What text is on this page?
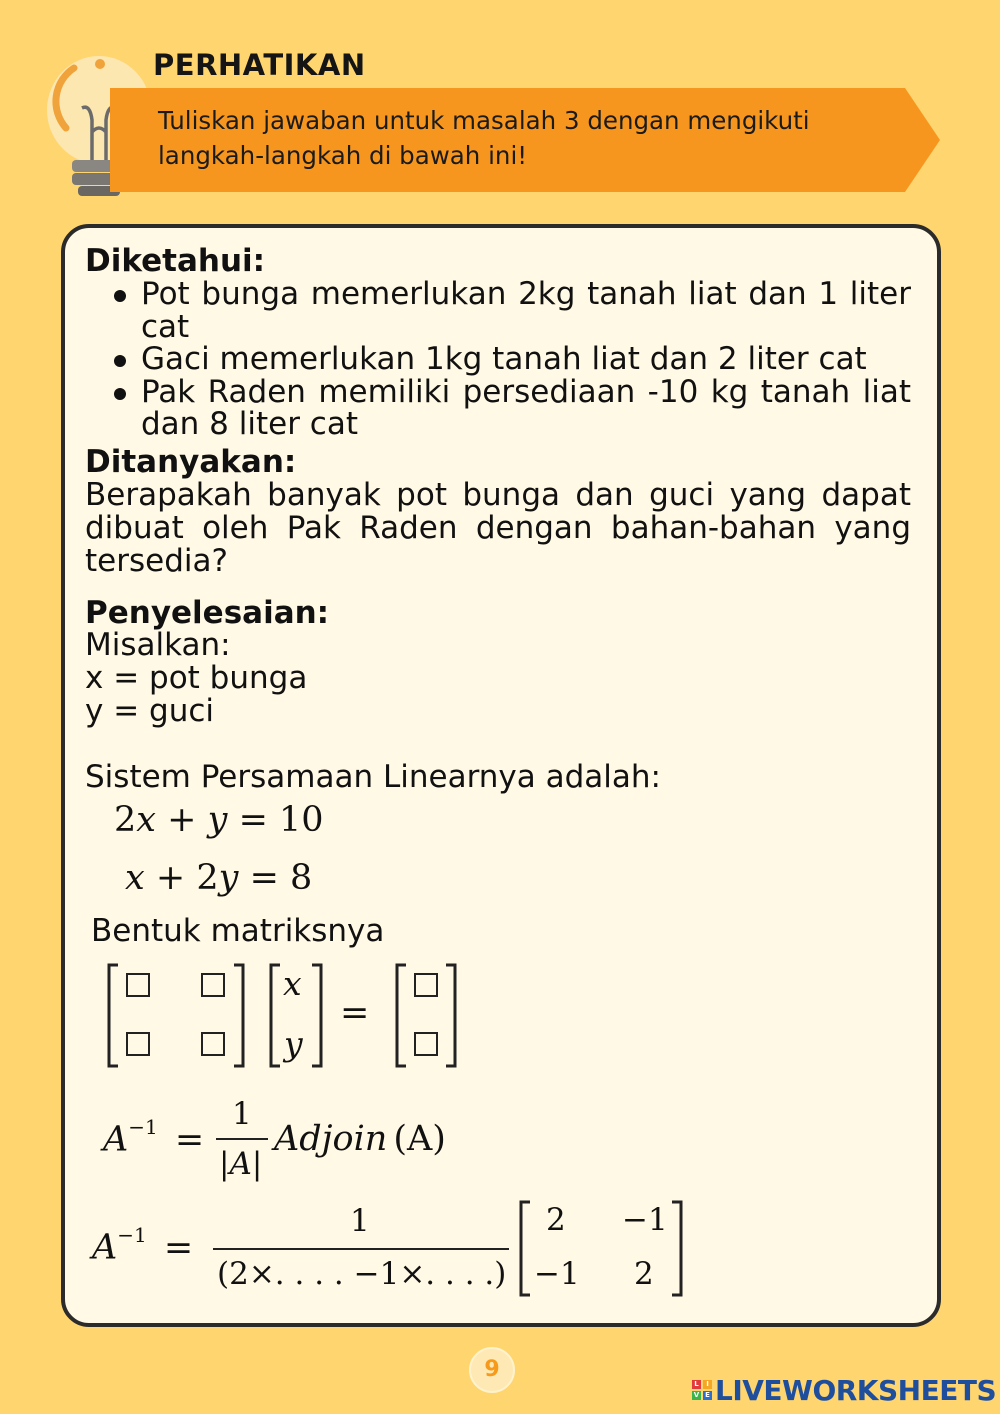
PERHATIKAN
Tuliskan jawaban untuk masalah 3 dengan mengikuti langkah-langkah di bawah ini!
Diketahui:
Pot bunga memerlukan 2kg tanah liat dan 1 liter cat
Gaci memerlukan 1kg tanah liat dan 2 liter cat
Pak Raden memiliki persediaan -10 kg tanah liat dan 8 liter cat
Ditanyakan:
Berapakah banyak pot bunga dan guci yang dapat dibuat oleh Pak Raden dengan bahan-bahan yang tersedia?
Penyelesaian:
Misalkan:
x = pot bunga
y = guci
Sistem Persamaan Linearnya adalah:
2x + y = 10
x + 2y = 8
Bentuk matriksnya
x
y
=
$A^{-1}$ =
1
|A|
Adjoin (A)
$A^{-1}$ =
1
(2×. . . . −1×. . . .)
2 −1
−1 2
9
L	I
V E LIVEWORKSHEETS
